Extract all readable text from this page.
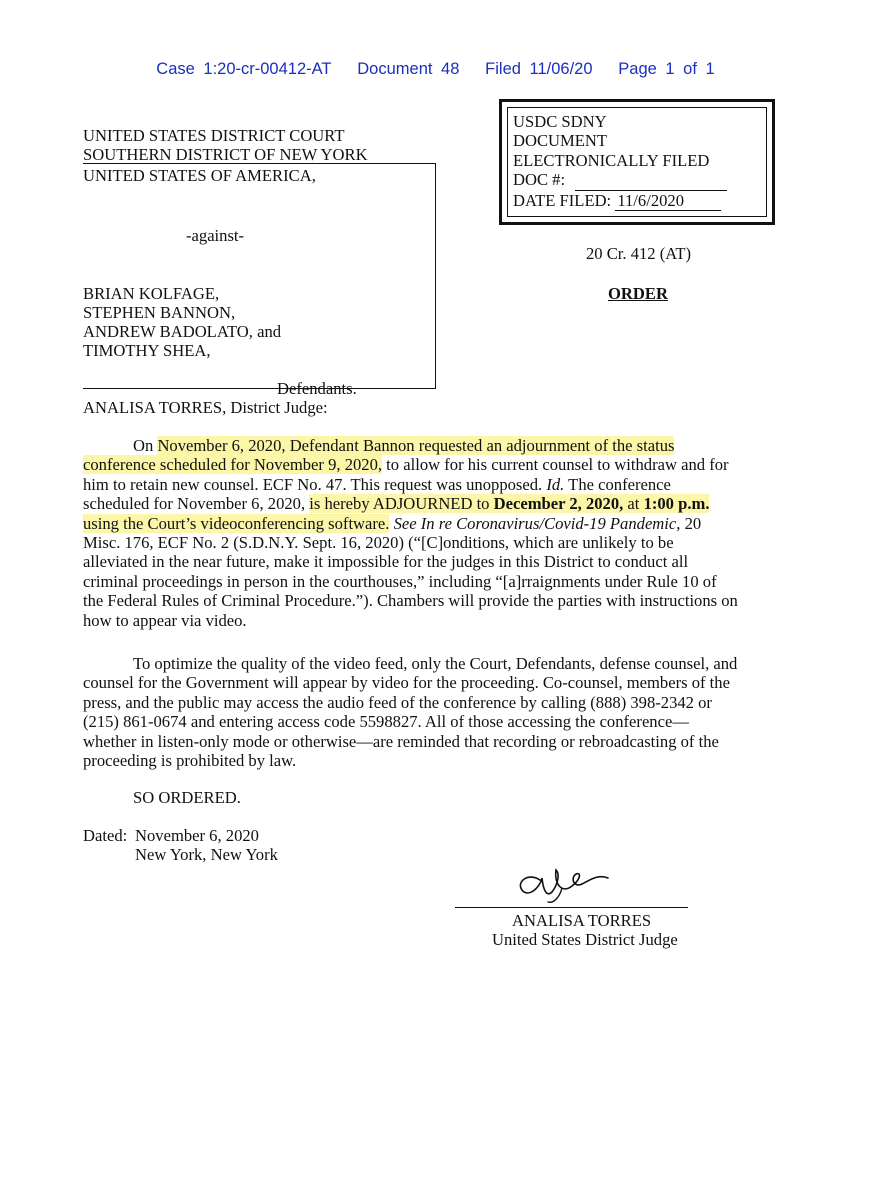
Case 1:20-cr-00412-AT Document 48 Filed 11/06/20 Page 1 of 1
USDC SDNY
DOCUMENT
ELECTRONICALLY FILED
DOC #:
DATE FILED: 11/6/2020
UNITED STATES DISTRICT COURT
SOUTHERN DISTRICT OF NEW YORK
UNITED STATES OF AMERICA,
-against-
BRIAN KOLFAGE,
STEPHEN BANNON,
ANDREW BADOLATO, and
TIMOTHY SHEA,
Defendants.
20 Cr. 412 (AT)
ORDER
ANALISA TORRES, District Judge:

On November 6, 2020, Defendant Bannon requested an adjournment of the status conference scheduled for November 9, 2020, to allow for his current counsel to withdraw and for him to retain new counsel. ECF No. 47. This request was unopposed. Id. The conference scheduled for November 6, 2020, is hereby ADJOURNED to December 2, 2020, at 1:00 p.m. using the Court’s videoconferencing software. See In re Coronavirus/Covid-19 Pandemic, 20 Misc. 176, ECF No. 2 (S.D.N.Y. Sept. 16, 2020) (“[C]onditions, which are unlikely to be alleviated in the near future, make it impossible for the judges in this District to conduct all criminal proceedings in person in the courthouses,” including “[a]rraignments under Rule 10 of the Federal Rules of Criminal Procedure.”). Chambers will provide the parties with instructions on how to appear via video.

To optimize the quality of the video feed, only the Court, Defendants, defense counsel, and counsel for the Government will appear by video for the proceeding. Co-counsel, members of the press, and the public may access the audio feed of the conference by calling (888) 398-2342 or (215) 861-0674 and entering access code 5598827. All of those accessing the conference—whether in listen-only mode or otherwise—are reminded that recording or rebroadcasting of the proceeding is prohibited by law.

SO ORDERED.
Dated: November 6, 2020
New York, New York
ANALISA TORRES
United States District Judge
